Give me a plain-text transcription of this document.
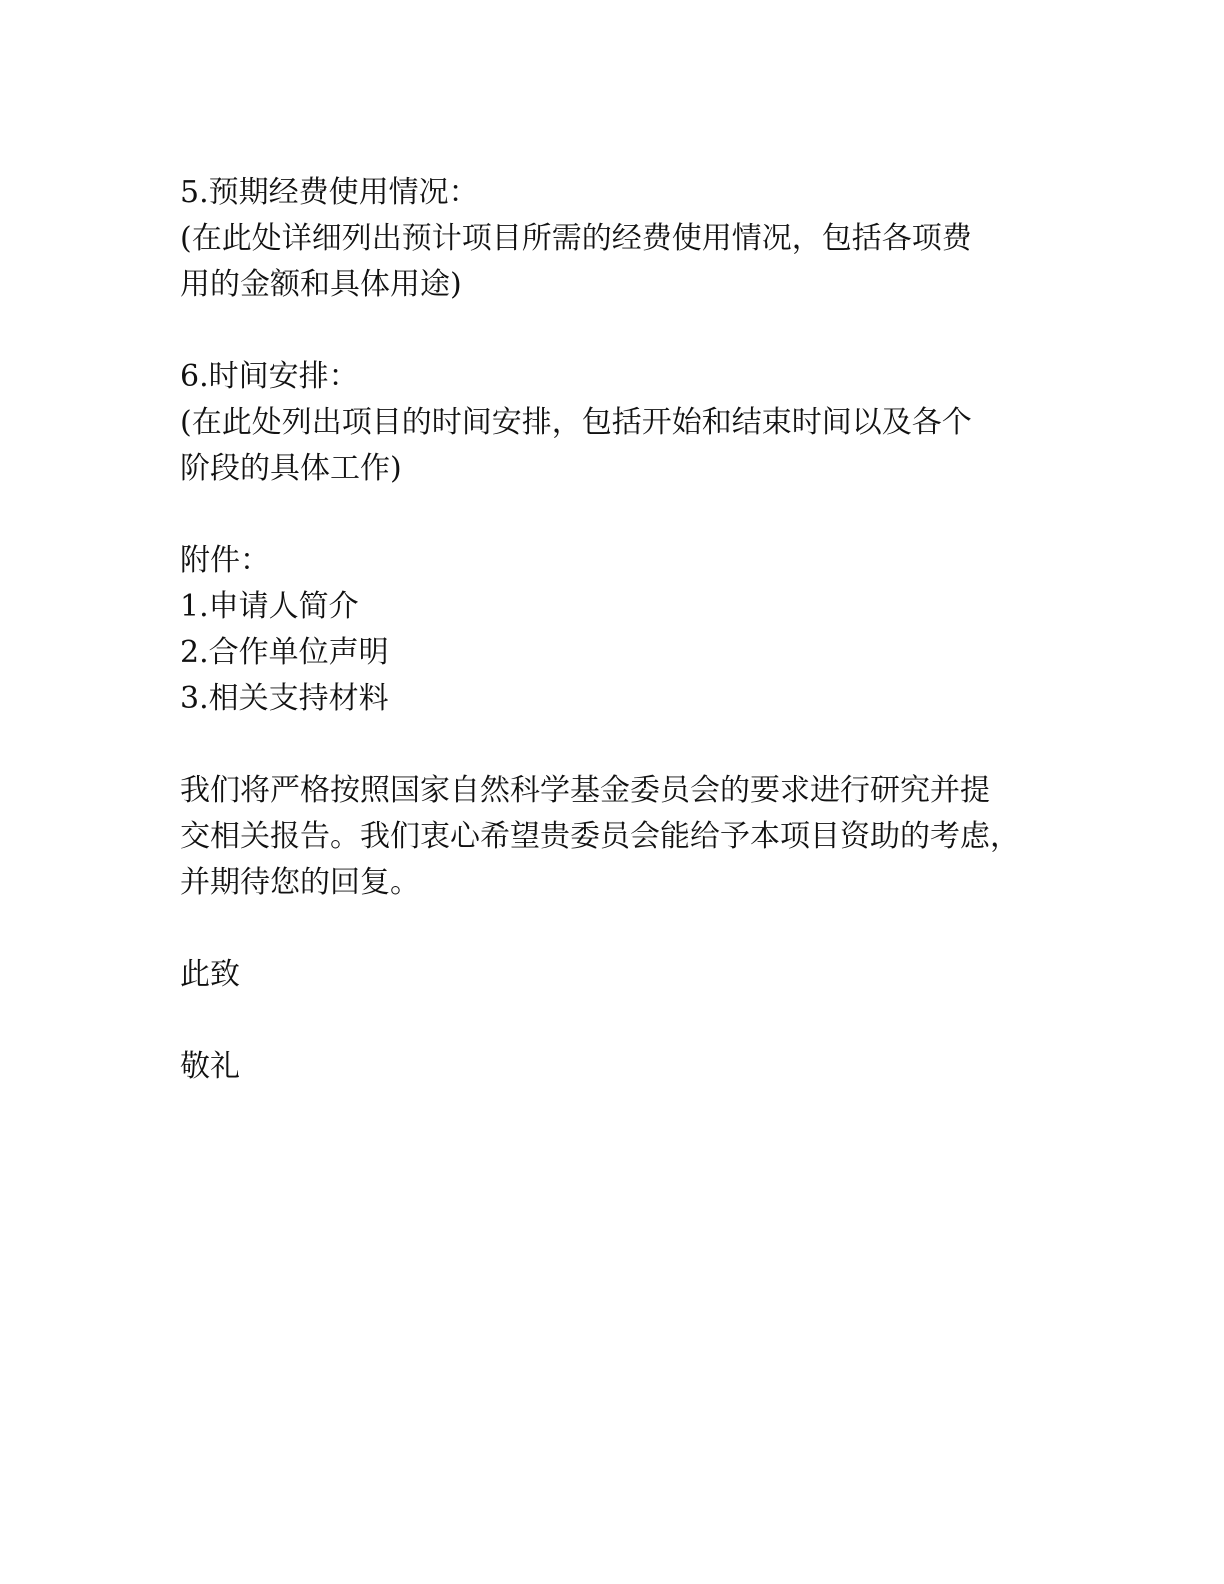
5.预期经费使用情况：
(在此处详细列出预计项目所需的经费使用情况，包括各项费
用的金额和具体用途)
6.时间安排：
(在此处列出项目的时间安排，包括开始和结束时间以及各个
阶段的具体工作)
附件：
1.申请人简介
2.合作单位声明
3.相关支持材料
我们将严格按照国家自然科学基金委员会的要求进行研究并提
交相关报告。我们衷心希望贵委员会能给予本项目资助的考虑，
并期待您的回复。
此致
敬礼
